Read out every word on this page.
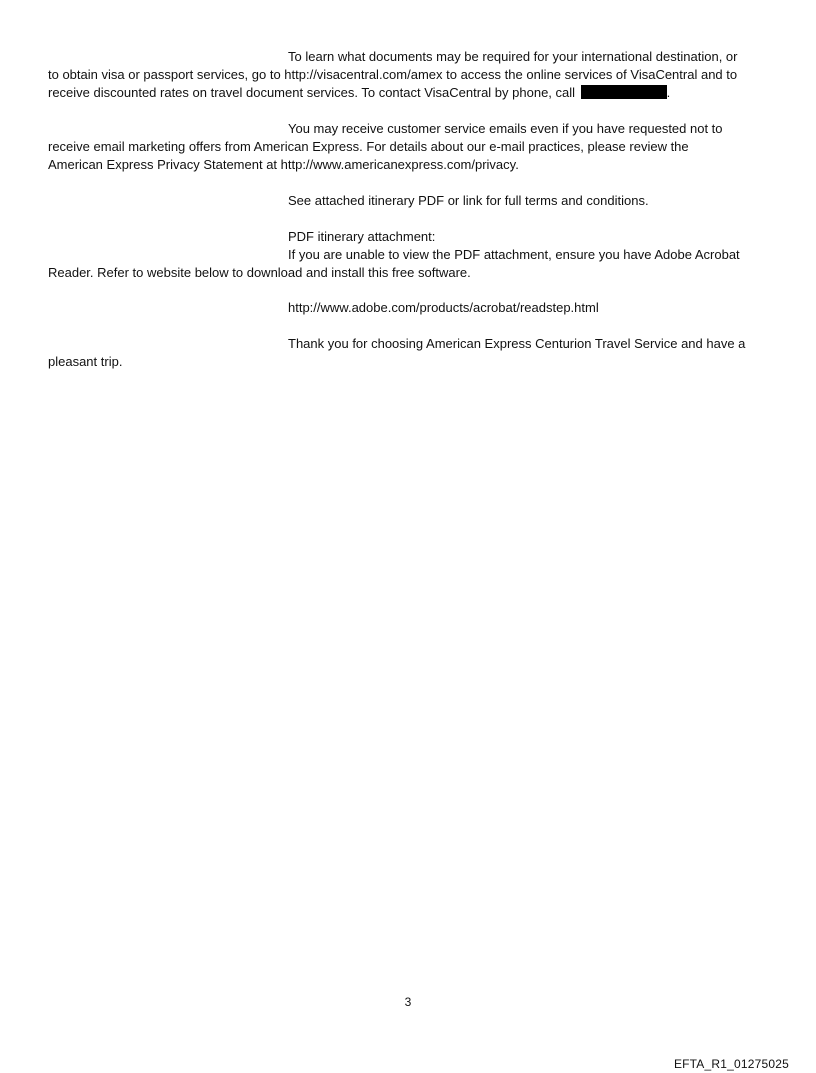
To learn what documents may be required for your international destination, or
to obtain visa or passport services, go to http://visacentral.com/amex to access the online services of VisaCentral and to
receive discounted rates on travel document services. To contact VisaCentral by phone, call	.

You may receive customer service emails even if you have requested not to
receive email marketing offers from American Express. For details about our e-mail practices, please review the
American Express Privacy Statement at http://www.americanexpress.com/privacy.

See attached itinerary PDF or link for full terms and conditions.

PDF itinerary attachment:
If you are unable to view the PDF attachment, ensure you have Adobe Acrobat
Reader. Refer to website below to download and install this free software.

http://www.adobe.com/products/acrobat/readstep.html

Thank you for choosing American Express Centurion Travel Service and have a
pleasant trip.

3
EFTA_R1_01275025
